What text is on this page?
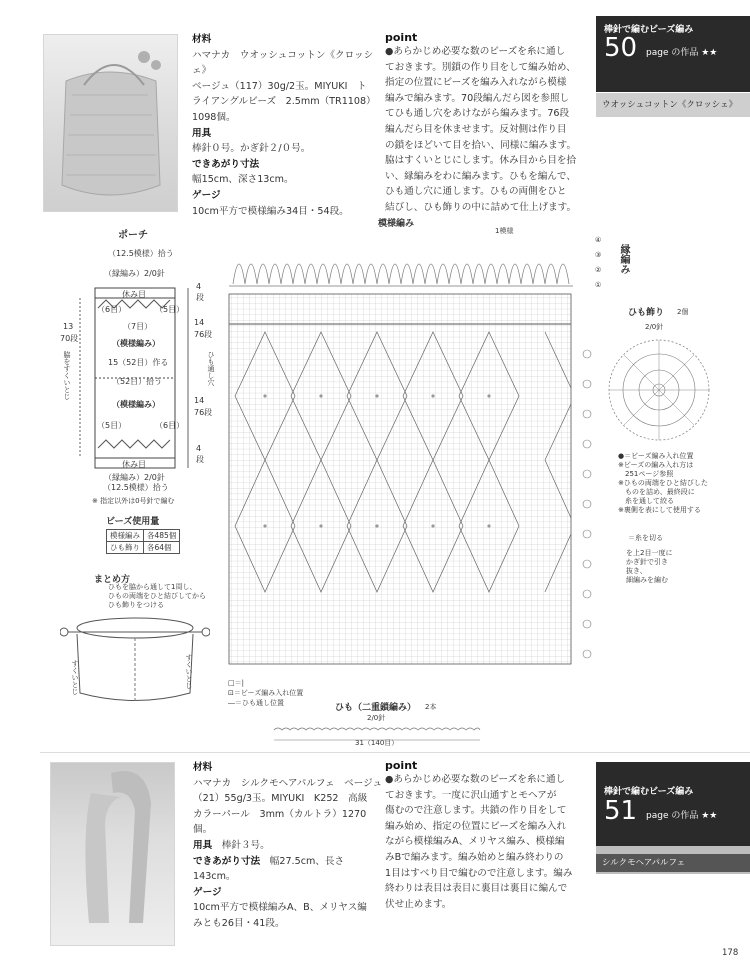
材料
ハマナカ　ウオッシュコットン《クロッシェ》
ベージュ（117）30g/2玉。MIYUKI　ト
ライアングルビーズ　2.5mm（TR1108）
1098個。
用具
棒針０号。かぎ針２/０号。
できあがり寸法
幅15cm、深さ13cm。
ゲージ
10cm平方で模様編み34目・54段。
point
●あらかじめ必要な数のビーズを糸に通し
ておきます。別鎖の作り目をして編み始め、
指定の位置にビーズを編み入れながら模様
編みで編みます。70段編んだら図を参照し
てひも通し穴をあけながら編みます。76段
編んだら目を休ませます。反対側は作り目
の鎖をほどいて目を拾い、同様に編みます。
脇はすくいとじにします。休み目から目を拾
い、縁編みをわに編みます。ひもを編んで、
ひも通し穴に通します。ひもの両側をひと
結びし、ひも飾りの中に詰めて仕上げます。
棒針で編むビーズ編み
50 page の作品 ★★
ウオッシュコットン《クロッシェ》
ポーチ
（12.5模様）拾う
（縁編み）2/0針
休み目
（6目）	（5目）
（7目）
（模様編み）
15（52目）作る
（52目）拾う
（模様編み）
（5目）	（6目）
休み目
4
段
14
76段
14
76段
4
段
13
70段
脇をすくいとじ	ひも通し穴
（縁編み）2/0針
（12.5模様）拾う
※ 指定以外は0号針で編む
ビーズ使用量
模様編み	各485個
ひも飾り	各64個
まとめ方
ひもを脇から通して1周し、
ひもの両端をひと結びしてから
ひも飾りをつける
すくいとじ	すくいとじ
模様編み
1模様
縁編み
④
③
②
①
□＝|
⊡＝ビーズ編み入れ位置
―＝ひも通し位置	ひも（二重鎖編み） 2本
2/0針
31（140目）
ひも飾り 2個
2/0針
●＝ビーズ編み入れ位置
※ビーズの編み入れ方は
　251ページ参照
※ひもの両端をひと結びした
　ものを詰め、最終段に
　糸を通して絞る
※裏側を表にして使用する
＝糸を切る
を上2目一度に
かぎ針で引き
抜き、
細編みを編む
材料
ハマナカ　シルクモヘアパルフェ　ベージュ
（21）55g/3玉。MIYUKI　K252　高級
カラーパール　3mm（カルトラ）1270個。
用具　 棒針３号。
できあがり寸法　 幅27.5cm、長さ143cm。
ゲージ
10cm平方で模様編みA、B、メリヤス編
みとも26目・41段。
point
●あらかじめ必要な数のビーズを糸に通し
ておきます。一度に沢山通すとモヘアが
傷むので注意します。共鎖の作り目をして
編み始め、指定の位置にビーズを編み入れ
ながら模様編みA、メリヤス編み、模様編
みBで編みます。編み始めと編み終わりの
1目はすべり目で編むので注意します。編み
終わりは表目は表目に裏目は裏目に編んで
伏せ止めます。
棒針で編むビーズ編み
51 page の作品 ★★
シルクモヘアパルフェ
178
